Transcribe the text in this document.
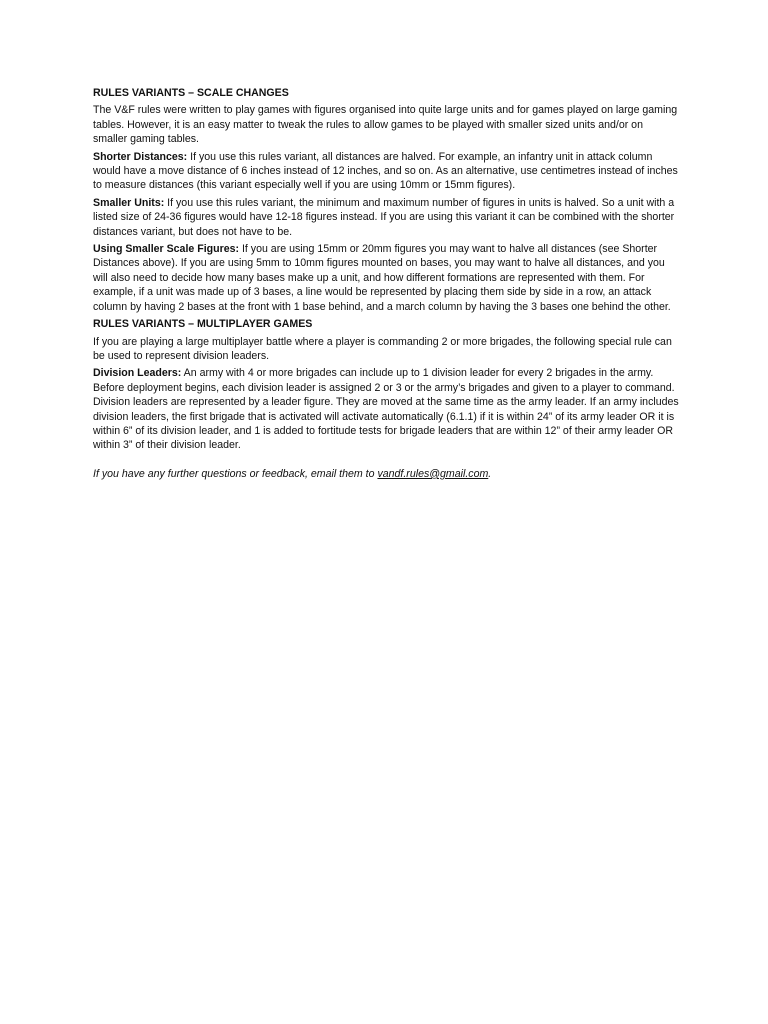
RULES VARIANTS – SCALE CHANGES

The V&F rules were written to play games with figures organised into quite large units and for games played on large gaming tables. However, it is an easy matter to tweak the rules to allow games to be played with smaller sized units and/or on smaller gaming tables.

Shorter Distances: If you use this rules variant, all distances are halved. For example, an infantry unit in attack column would have a move distance of 6 inches instead of 12 inches, and so on. As an alternative, use centimetres instead of inches to measure distances (this variant especially well if you are using 10mm or 15mm figures).

Smaller Units: If you use this rules variant, the minimum and maximum number of figures in units is halved. So a unit with a listed size of 24-36 figures would have 12-18 figures instead. If you are using this variant it can be combined with the shorter distances variant, but does not have to be.

Using Smaller Scale Figures: If you are using 15mm or 20mm figures you may want to halve all distances (see Shorter Distances above). If you are using 5mm to 10mm figures mounted on bases, you may want to halve all distances, and you will also need to decide how many bases make up a unit, and how different formations are represented with them. For example, if a unit was made up of 3 bases, a line would be represented by placing them side by side in a row, an attack column by having 2 bases at the front with 1 base behind, and a march column by having the 3 bases one behind the other.

RULES VARIANTS – MULTIPLAYER GAMES

If you are playing a large multiplayer battle where a player is commanding 2 or more brigades, the following special rule can be used to represent division leaders.

Division Leaders: An army with 4 or more brigades can include up to 1 division leader for every 2 brigades in the army. Before deployment begins, each division leader is assigned 2 or 3 or the army’s brigades and given to a player to command. Division leaders are represented by a leader figure. They are moved at the same time as the army leader. If an army includes division leaders, the first brigade that is activated will activate automatically (6.1.1) if it is within 24” of its army leader OR it is within 6” of its division leader, and 1 is added to fortitude tests for brigade leaders that are within 12” of their army leader OR within 3” of their division leader.

If you have any further questions or feedback, email them to vandf.rules@gmail.com.
